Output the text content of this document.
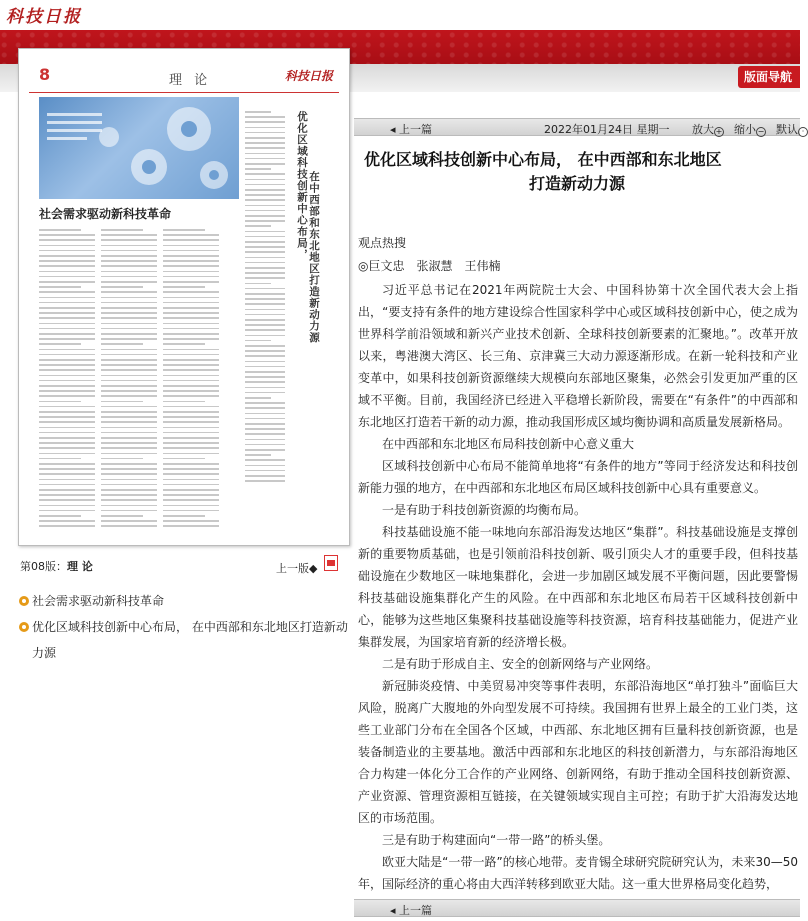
科技日报
版面导航
8	理 论	科技日报
社会需求驱动新科技革命	优化区域科技创新中心布局， 在中西部和东北地区打造新动力源
第08版：理 论	上一版◆
社会需求驱动新科技革命
优化区域科技创新中心布局， 在中西部和东北地区打造新动力源
◂ 上一篇	2022年01月24日 星期一 放大 + 缩小 − 默认 ·
优化区域科技创新中心布局， 在中西部和东北地区
打造新动力源
观点热搜
◎巨文忠　张淑慧　王伟楠

习近平总书记在2021年两院院士大会、中国科协第十次全国代表大会上指出，“要支持有条件的地方建设综合性国家科学中心或区域科技创新中心，使之成为世界科学前沿领域和新兴产业技术创新、全球科技创新要素的汇聚地。”。改革开放以来，粤港澳大湾区、长三角、京津冀三大动力源逐渐形成。在新一轮科技和产业变革中，如果科技创新资源继续大规模向东部地区聚集，必然会引发更加严重的区域不平衡。目前，我国经济已经进入平稳增长新阶段，需要在“有条件”的中西部和东北地区打造若干新的动力源，推动我国形成区域均衡协调和高质量发展新格局。

在中西部和东北地区布局科技创新中心意义重大

区域科技创新中心布局不能简单地将“有条件的地方”等同于经济发达和科技创新能力强的地方，在中西部和东北地区布局区域科技创新中心具有重要意义。

一是有助于科技创新资源的均衡布局。

科技基础设施不能一味地向东部沿海发达地区“集群”。科技基础设施是支撑创新的重要物质基础，也是引领前沿科技创新、吸引顶尖人才的重要手段，但科技基础设施在少数地区一味地集群化，会进一步加剧区域发展不平衡问题，因此要警惕科技基础设施集群化产生的风险。在中西部和东北地区布局若干区域科技创新中心，能够为这些地区集聚科技基础设施等科技资源，培育科技基础能力，促进产业集群发展，为国家培育新的经济增长极。

二是有助于形成自主、安全的创新网络与产业网络。

新冠肺炎疫情、中美贸易冲突等事件表明，东部沿海地区“单打独斗”面临巨大风险，脱离广大腹地的外向型发展不可持续。我国拥有世界上最全的工业门类，这些工业部门分布在全国各个区域，中西部、东北地区拥有巨量科技创新资源，也是装备制造业的主要基地。激活中西部和东北地区的科技创新潜力，与东部沿海地区合力构建一体化分工合作的产业网络、创新网络，有助于推动全国科技创新资源、产业资源、管理资源相互链接，在关键领域实现自主可控；有助于扩大沿海发达地区的市场范围。

三是有助于构建面向“一带一路”的桥头堡。

欧亚大陆是“一带一路”的核心地带。麦肯锡全球研究院研究认为，未来30—50年，国际经济的重心将由大西洋转移到欧亚大陆。这一重大世界格局变化趋势，

◂ 上一篇
